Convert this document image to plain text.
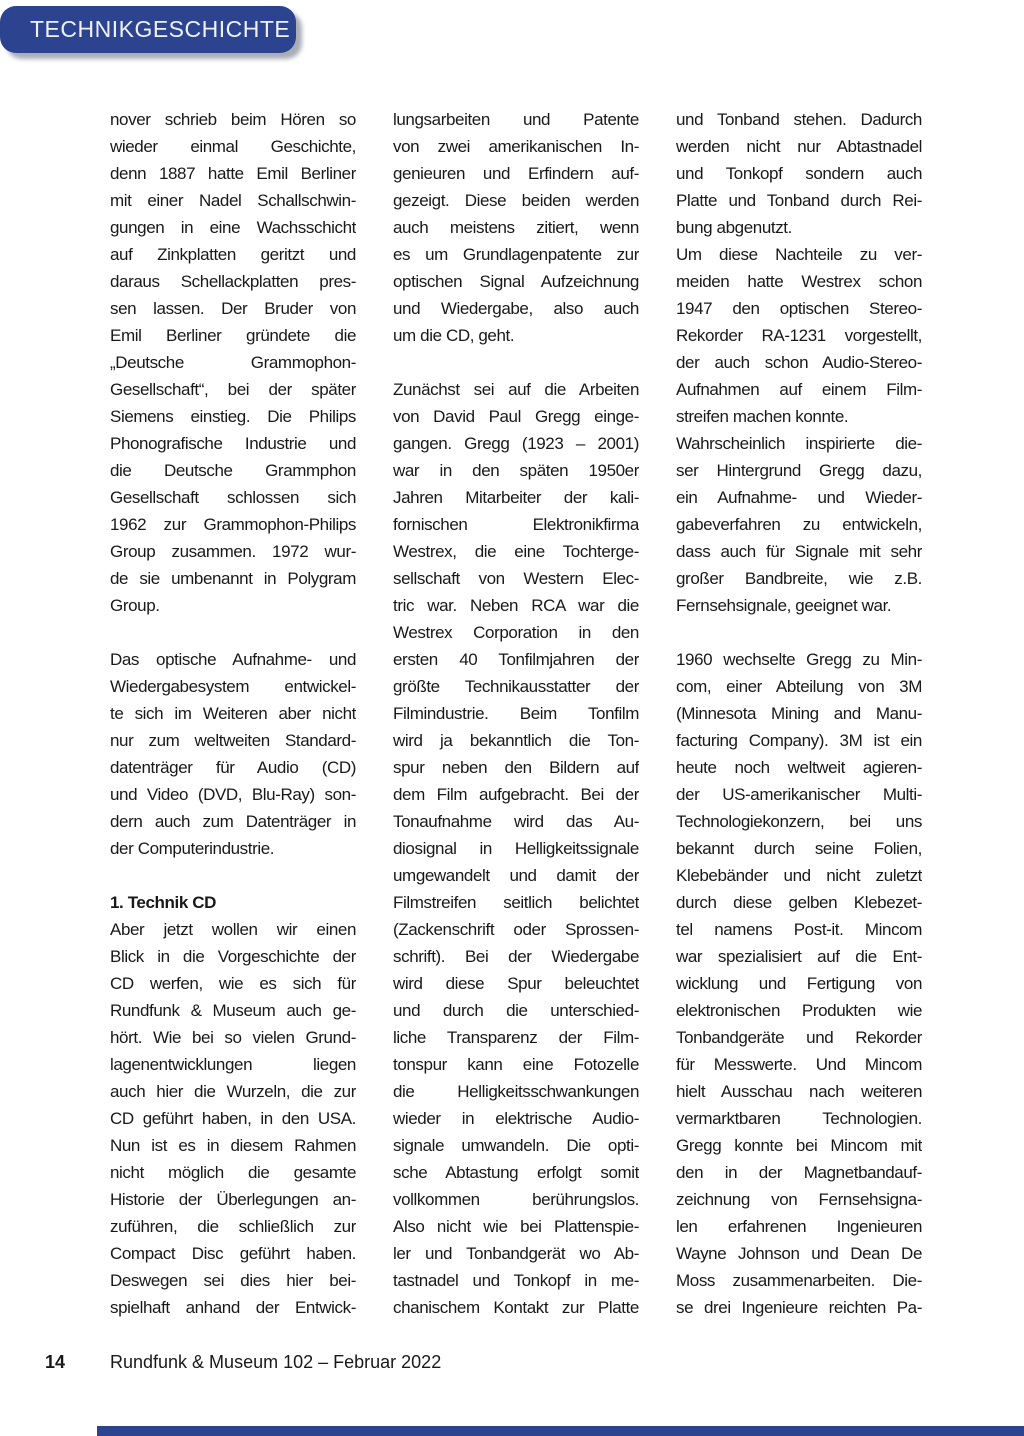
TECHNIKGESCHICHTE
nover schrieb beim Hören so
wieder einmal Geschichte,
denn 1887 hatte Emil Berliner
mit einer Nadel Schallschwin-
gungen in eine Wachsschicht
auf Zinkplatten geritzt und
daraus Schellackplatten pres-
sen lassen. Der Bruder von
Emil Berliner gründete die
„Deutsche Grammophon-
Gesellschaft“, bei der später
Siemens einstieg. Die Philips
Phonografische Industrie und
die Deutsche Grammphon
Gesellschaft schlossen sich
1962 zur Grammophon-Philips
Group zusammen. 1972 wur-
de sie umbenannt in Polygram
Group.
Das optische Aufnahme- und
Wiedergabesystem entwickel-
te sich im Weiteren aber nicht
nur zum weltweiten Standard-
datenträger für Audio (CD)
und Video (DVD, Blu-Ray) son-
dern auch zum Datenträger in
der Computerindustrie.
1. Technik CD
Aber jetzt wollen wir einen
Blick in die Vorgeschichte der
CD werfen, wie es sich für
Rundfunk & Museum auch ge-
hört. Wie bei so vielen Grund-
lagenentwicklungen liegen
auch hier die Wurzeln, die zur
CD geführt haben, in den USA.
Nun ist es in diesem Rahmen
nicht möglich die gesamte
Historie der Überlegungen an-
zuführen, die schließlich zur
Compact Disc geführt haben.
Deswegen sei dies hier bei-
spielhaft anhand der Entwick-
lungsarbeiten und Patente
von zwei amerikanischen In-
genieuren und Erfindern auf-
gezeigt. Diese beiden werden
auch meistens zitiert, wenn
es um Grundlagenpatente zur
optischen Signal Aufzeichnung
und Wiedergabe, also auch
um die CD, geht.
Zunächst sei auf die Arbeiten
von David Paul Gregg einge-
gangen. Gregg (1923 – 2001)
war in den späten 1950er
Jahren Mitarbeiter der kali-
fornischen Elektronikfirma
Westrex, die eine Tochterge-
sellschaft von Western Elec-
tric war. Neben RCA war die
Westrex Corporation in den
ersten 40 Tonfilmjahren der
größte Technikausstatter der
Filmindustrie. Beim Tonfilm
wird ja bekanntlich die Ton-
spur neben den Bildern auf
dem Film aufgebracht. Bei der
Tonaufnahme wird das Au-
diosignal in Helligkeitssignale
umgewandelt und damit der
Filmstreifen seitlich belichtet
(Zackenschrift oder Sprossen-
schrift). Bei der Wiedergabe
wird diese Spur beleuchtet
und durch die unterschied-
liche Transparenz der Film-
tonspur kann eine Fotozelle
die Helligkeitsschwankungen
wieder in elektrische Audio-
signale umwandeln. Die opti-
sche Abtastung erfolgt somit
vollkommen berührungslos.
Also nicht wie bei Plattenspie-
ler und Tonbandgerät wo Ab-
tastnadel und Tonkopf in me-
chanischem Kontakt zur Platte
und Tonband stehen. Dadurch
werden nicht nur Abtastnadel
und Tonkopf sondern auch
Platte und Tonband durch Rei-
bung abgenutzt.
Um diese Nachteile zu ver-
meiden hatte Westrex schon
1947 den optischen Stereo-
Rekorder RA-1231 vorgestellt,
der auch schon Audio-Stereo-
Aufnahmen auf einem Film-
streifen machen konnte.
Wahrscheinlich inspirierte die-
ser Hintergrund Gregg dazu,
ein Aufnahme- und Wieder-
gabeverfahren zu entwickeln,
dass auch für Signale mit sehr
großer Bandbreite, wie z.B.
Fernsehsignale, geeignet war.
1960 wechselte Gregg zu Min-
com, einer Abteilung von 3M
(Minnesota Mining and Manu-
facturing Company). 3M ist ein
heute noch weltweit agieren-
der US-amerikanischer Multi-
Technologiekonzern, bei uns
bekannt durch seine Folien,
Klebebänder und nicht zuletzt
durch diese gelben Klebezet-
tel namens Post-it. Mincom
war spezialisiert auf die Ent-
wicklung und Fertigung von
elektronischen Produkten wie
Tonbandgeräte und Rekorder
für Messwerte. Und Mincom
hielt Ausschau nach weiteren
vermarktbaren Technologien.
Gregg konnte bei Mincom mit
den in der Magnetbandauf-
zeichnung von Fernsehsigna-
len erfahrenen Ingenieuren
Wayne Johnson und Dean De
Moss zusammenarbeiten. Die-
se drei Ingenieure reichten Pa-
14 Rundfunk & Museum 102 – Februar 2022
